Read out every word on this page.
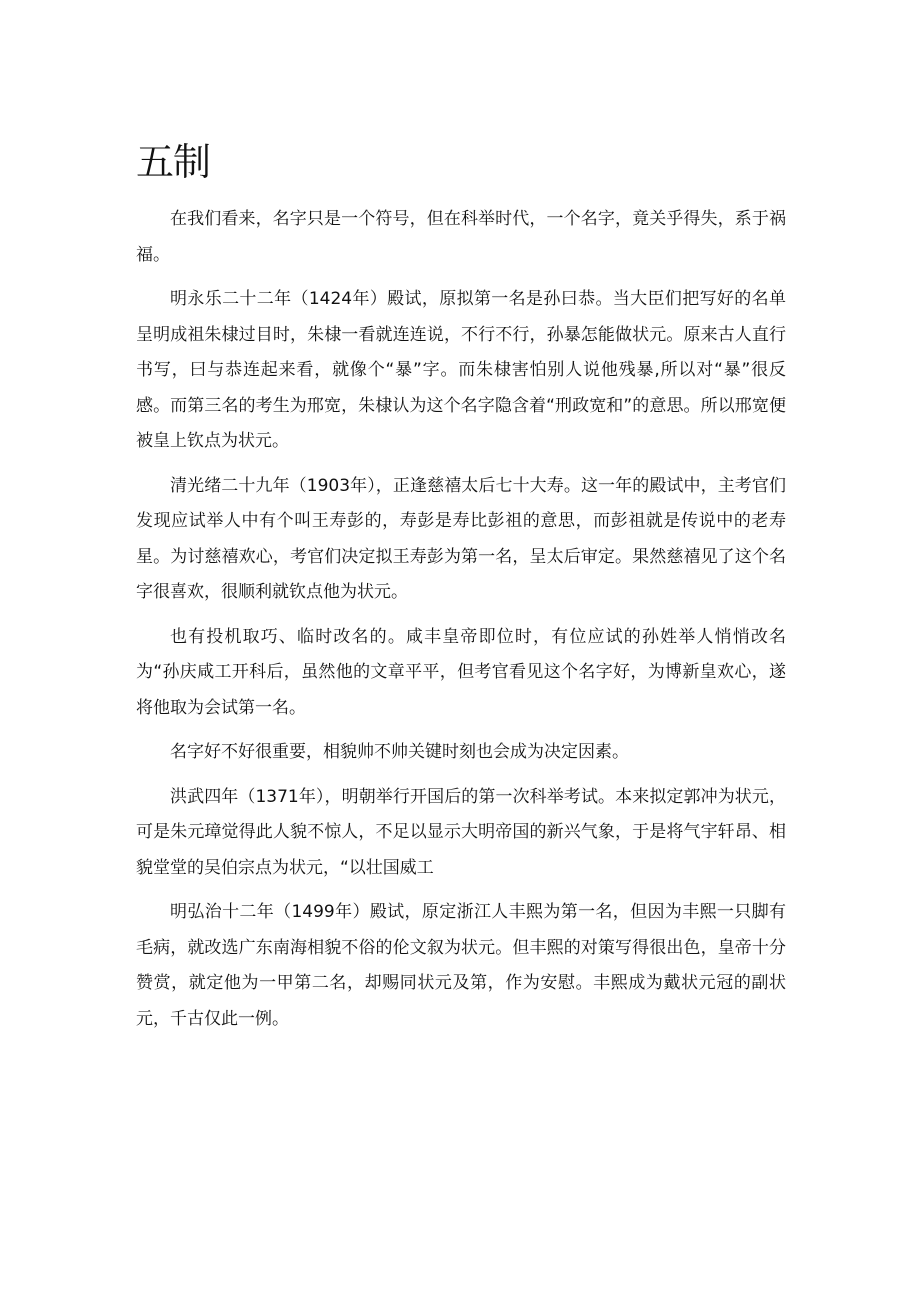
五制

在我们看来，名字只是一个符号，但在科举时代，一个名字，竟关乎得失，系于祸福。

明永乐二十二年（1424年）殿试，原拟第一名是孙曰恭。当大臣们把写好的名单呈明成祖朱棣过目时，朱棣一看就连连说，不行不行，孙暴怎能做状元。原来古人直行书写，曰与恭连起来看，就像个“暴”字。而朱棣害怕别人说他残暴,所以对“暴”很反感。而第三名的考生为邢宽，朱棣认为这个名字隐含着“刑政宽和”的意思。所以邢宽便被皇上钦点为状元。

清光绪二十九年（1903年），正逢慈禧太后七十大寿。这一年的殿试中，主考官们发现应试举人中有个叫王寿彭的，寿彭是寿比彭祖的意思，而彭祖就是传说中的老寿星。为讨慈禧欢心，考官们决定拟王寿彭为第一名，呈太后审定。果然慈禧见了这个名字很喜欢，很顺利就钦点他为状元。

也有投机取巧、临时改名的。咸丰皇帝即位时，有位应试的孙姓举人悄悄改名为“孙庆咸工开科后，虽然他的文章平平，但考官看见这个名字好，为博新皇欢心，遂将他取为会试第一名。

名字好不好很重要，相貌帅不帅关键时刻也会成为决定因素。

洪武四年（1371年），明朝举行开国后的第一次科举考试。本来拟定郭冲为状元，可是朱元璋觉得此人貌不惊人，不足以显示大明帝国的新兴气象，于是将气宇轩昂、相貌堂堂的吴伯宗点为状元，“以壮国威工

明弘治十二年（1499年）殿试，原定浙江人丰熙为第一名，但因为丰熙一只脚有毛病，就改选广东南海相貌不俗的伦文叙为状元。但丰熙的对策写得很出色，皇帝十分赞赏，就定他为一甲第二名，却赐同状元及第，作为安慰。丰熙成为戴状元冠的副状元，千古仅此一例。
